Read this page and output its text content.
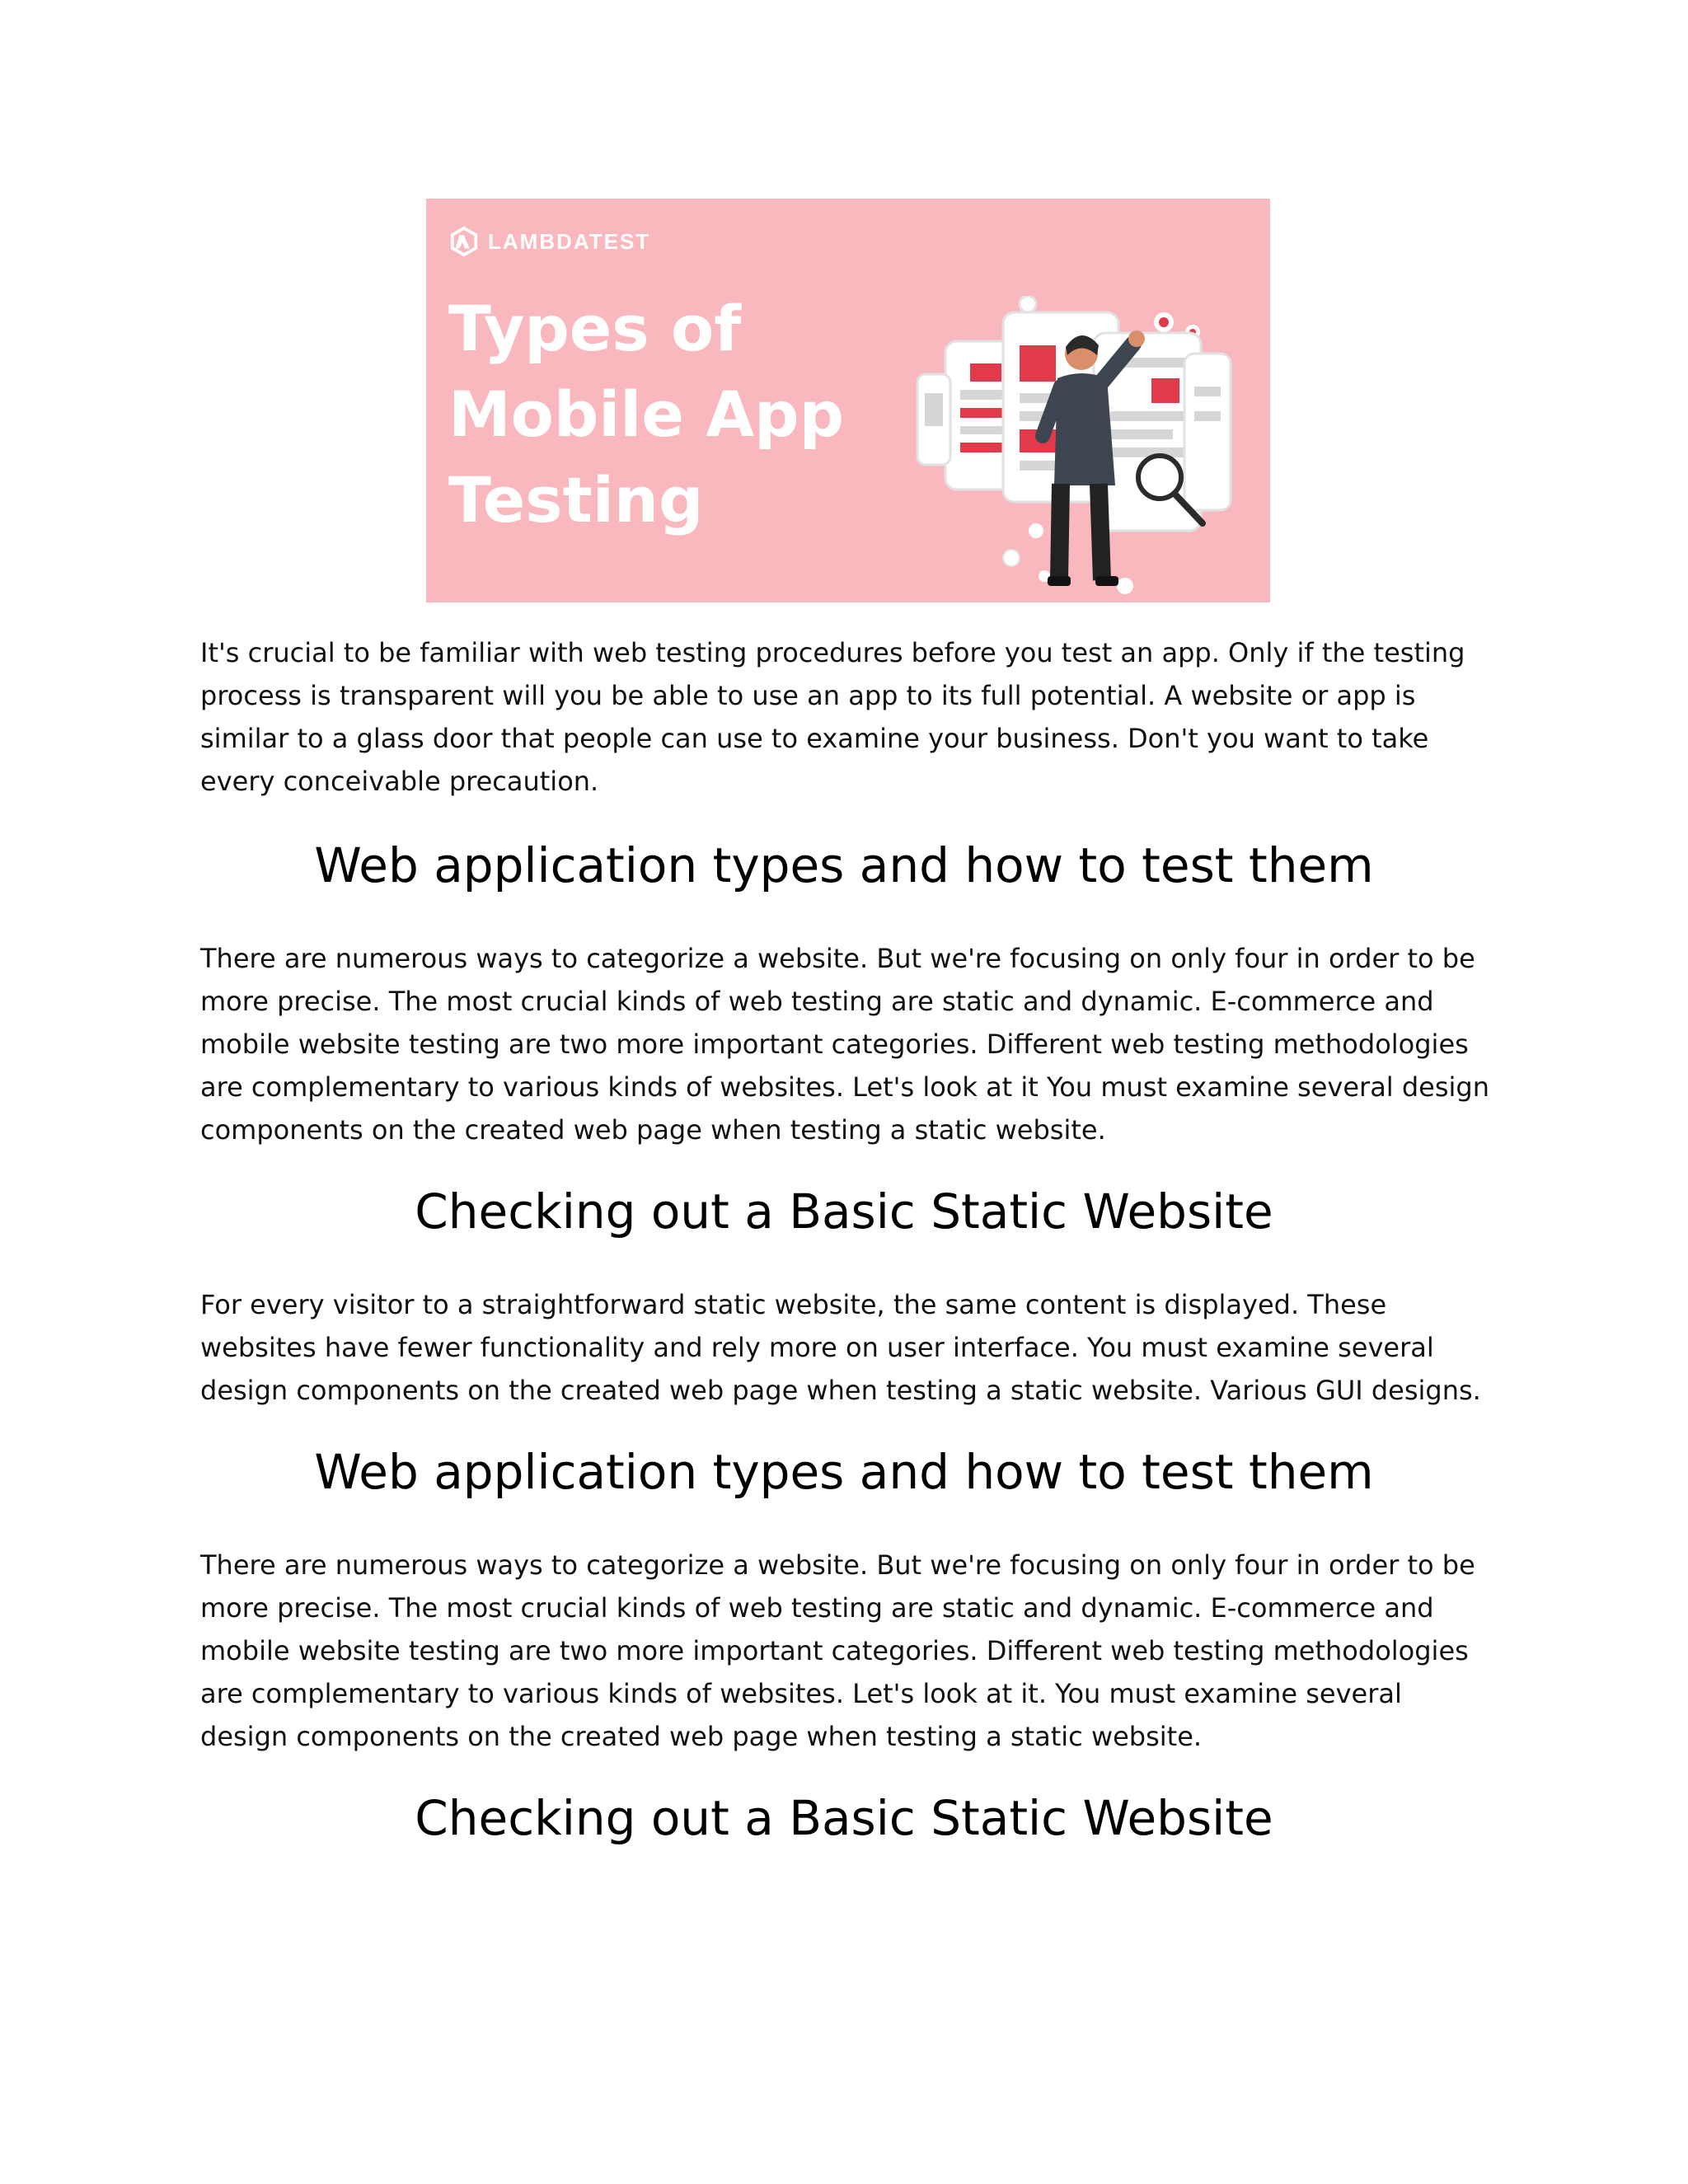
LAMBDATEST
Types of
Mobile App
Testing

It's crucial to be familiar with web testing procedures before you test an app. Only if the testing process is transparent will you be able to use an app to its full potential. A website or app is similar to a glass door that people can use to examine your business. Don't you want to take every conceivable precaution.

Web application types and how to test them

There are numerous ways to categorize a website. But we're focusing on only four in order to be more precise. The most crucial kinds of web testing are static and dynamic. E-commerce and mobile website testing are two more important categories. Different web testing methodologies are complementary to various kinds of websites. Let's look at it You must examine several design components on the created web page when testing a static website.

Checking out a Basic Static Website

For every visitor to a straightforward static website, the same content is displayed. These websites have fewer functionality and rely more on user interface. You must examine several design components on the created web page when testing a static website. Various GUI designs.

Web application types and how to test them

There are numerous ways to categorize a website. But we're focusing on only four in order to be more precise. The most crucial kinds of web testing are static and dynamic. E-commerce and mobile website testing are two more important categories. Different web testing methodologies are complementary to various kinds of websites. Let's look at it. You must examine several design components on the created web page when testing a static website.

Checking out a Basic Static Website
